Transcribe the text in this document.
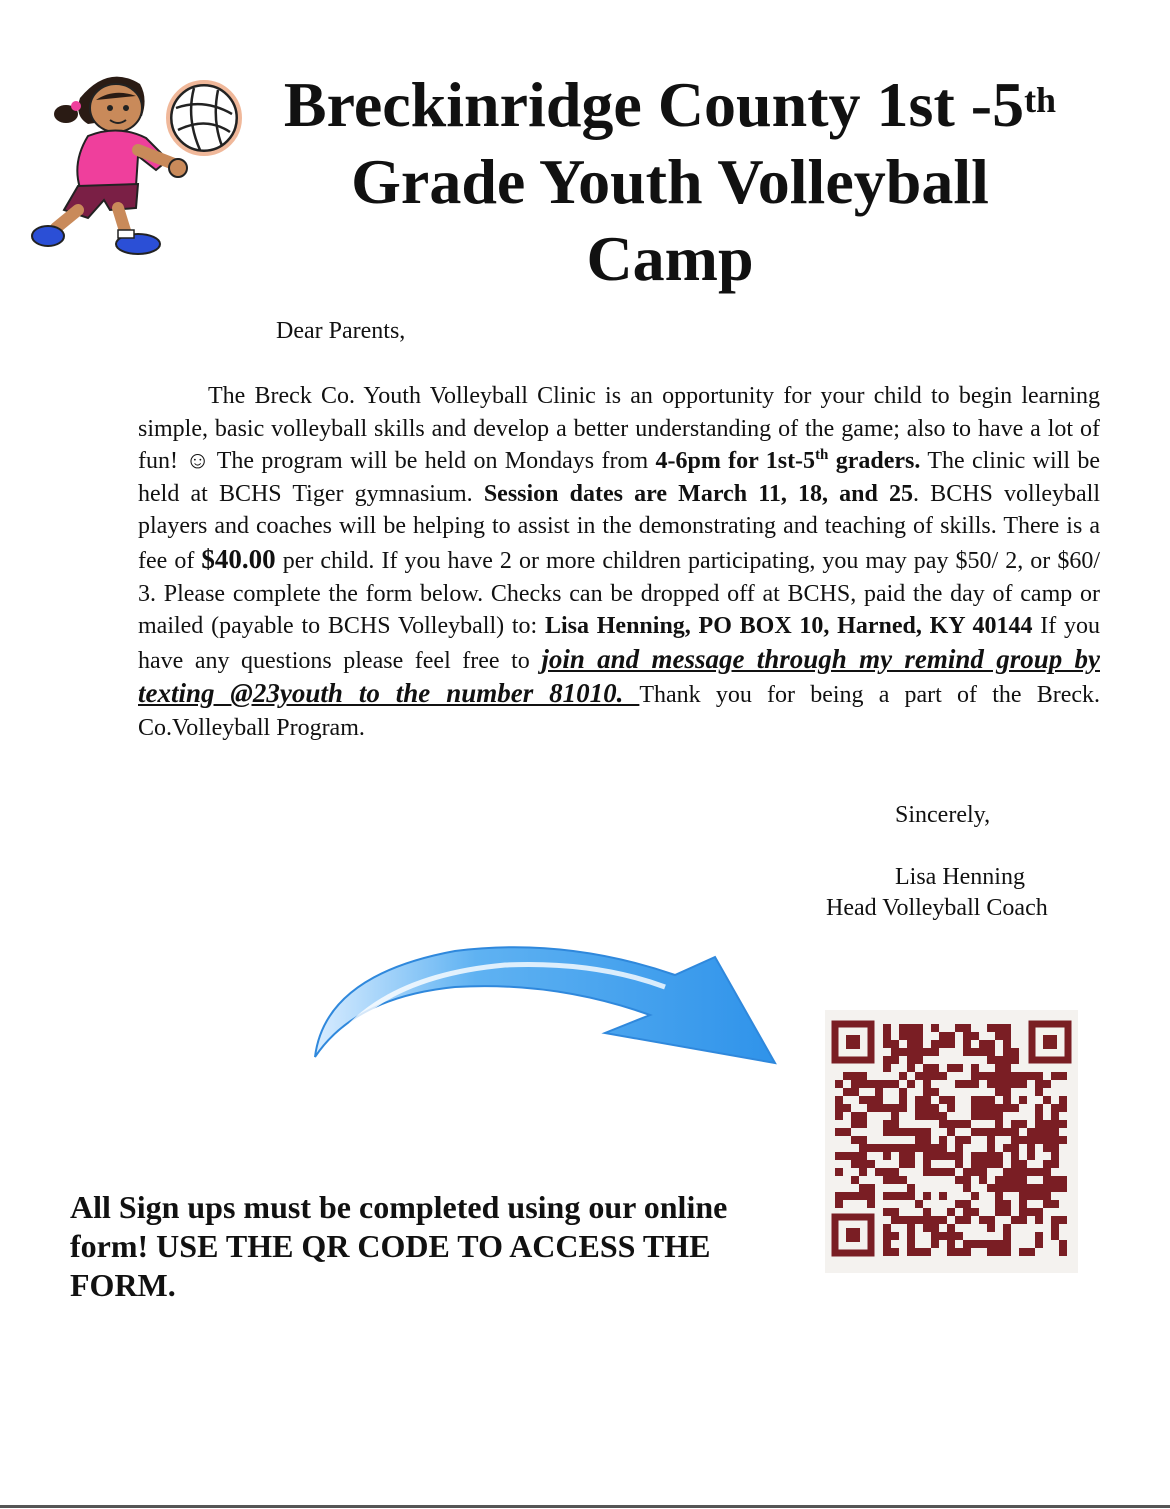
Breckinridge County 1st -5th
Grade Youth Volleyball
Camp
Dear Parents,
The Breck Co. Youth Volleyball Clinic is an opportunity for your child to begin learning simple, basic volleyball skills and develop a better understanding of the game; also to have a lot of fun! ☺ The program will be held on Mondays from 4-6pm for 1st-5th graders. The clinic will be held at BCHS Tiger gymnasium. Session dates are March 11, 18, and 25. BCHS volleyball players and coaches will be helping to assist in the demonstrating and teaching of skills. There is a fee of $40.00 per child. If you have 2 or more children participating, you may pay $50/ 2, or $60/ 3. Please complete the form below. Checks can be dropped off at BCHS, paid the day of camp or mailed (payable to BCHS Volleyball) to: Lisa Henning, PO BOX 10, Harned, KY 40144 If you have any questions please feel free to join and message through my remind group by texting @23youth to the number 81010. Thank you for being a part of the Breck. Co.Volleyball Program.
Sincerely,
Lisa Henning
Head Volleyball Coach
All Sign ups must be completed using our online form! USE THE QR CODE TO ACCESS THE FORM.
